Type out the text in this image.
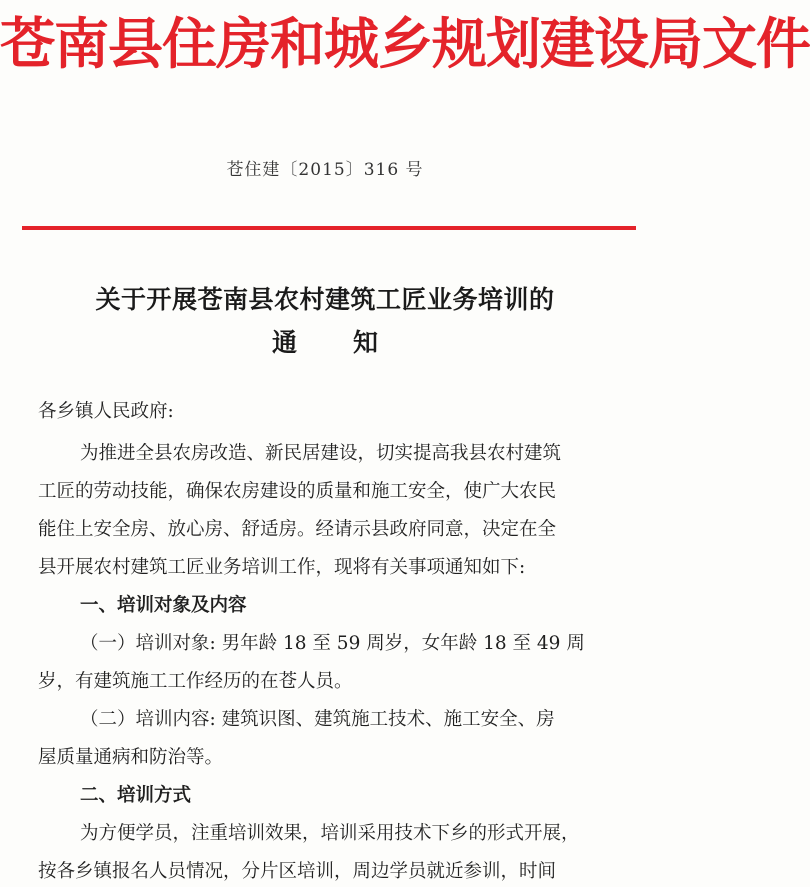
苍南县住房和城乡规划建设局文件
苍住建〔2015〕316 号
关于开展苍南县农村建筑工匠业务培训的
通 知
各乡镇人民政府:
为推进全县农房改造、新民居建设，切实提高我县农村建筑
工匠的劳动技能，确保农房建设的质量和施工安全，使广大农民
能住上安全房、放心房、舒适房。经请示县政府同意，决定在全
县开展农村建筑工匠业务培训工作，现将有关事项通知如下:
一、培训对象及内容
（一）培训对象: 男年龄 18 至 59 周岁，女年龄 18 至 49 周
岁，有建筑施工工作经历的在苍人员。
（二）培训内容: 建筑识图、建筑施工技术、施工安全、房
屋质量通病和防治等。
二、培训方式
为方便学员，注重培训效果，培训采用技术下乡的形式开展，
按各乡镇报名人员情况，分片区培训，周边学员就近参训，时间
